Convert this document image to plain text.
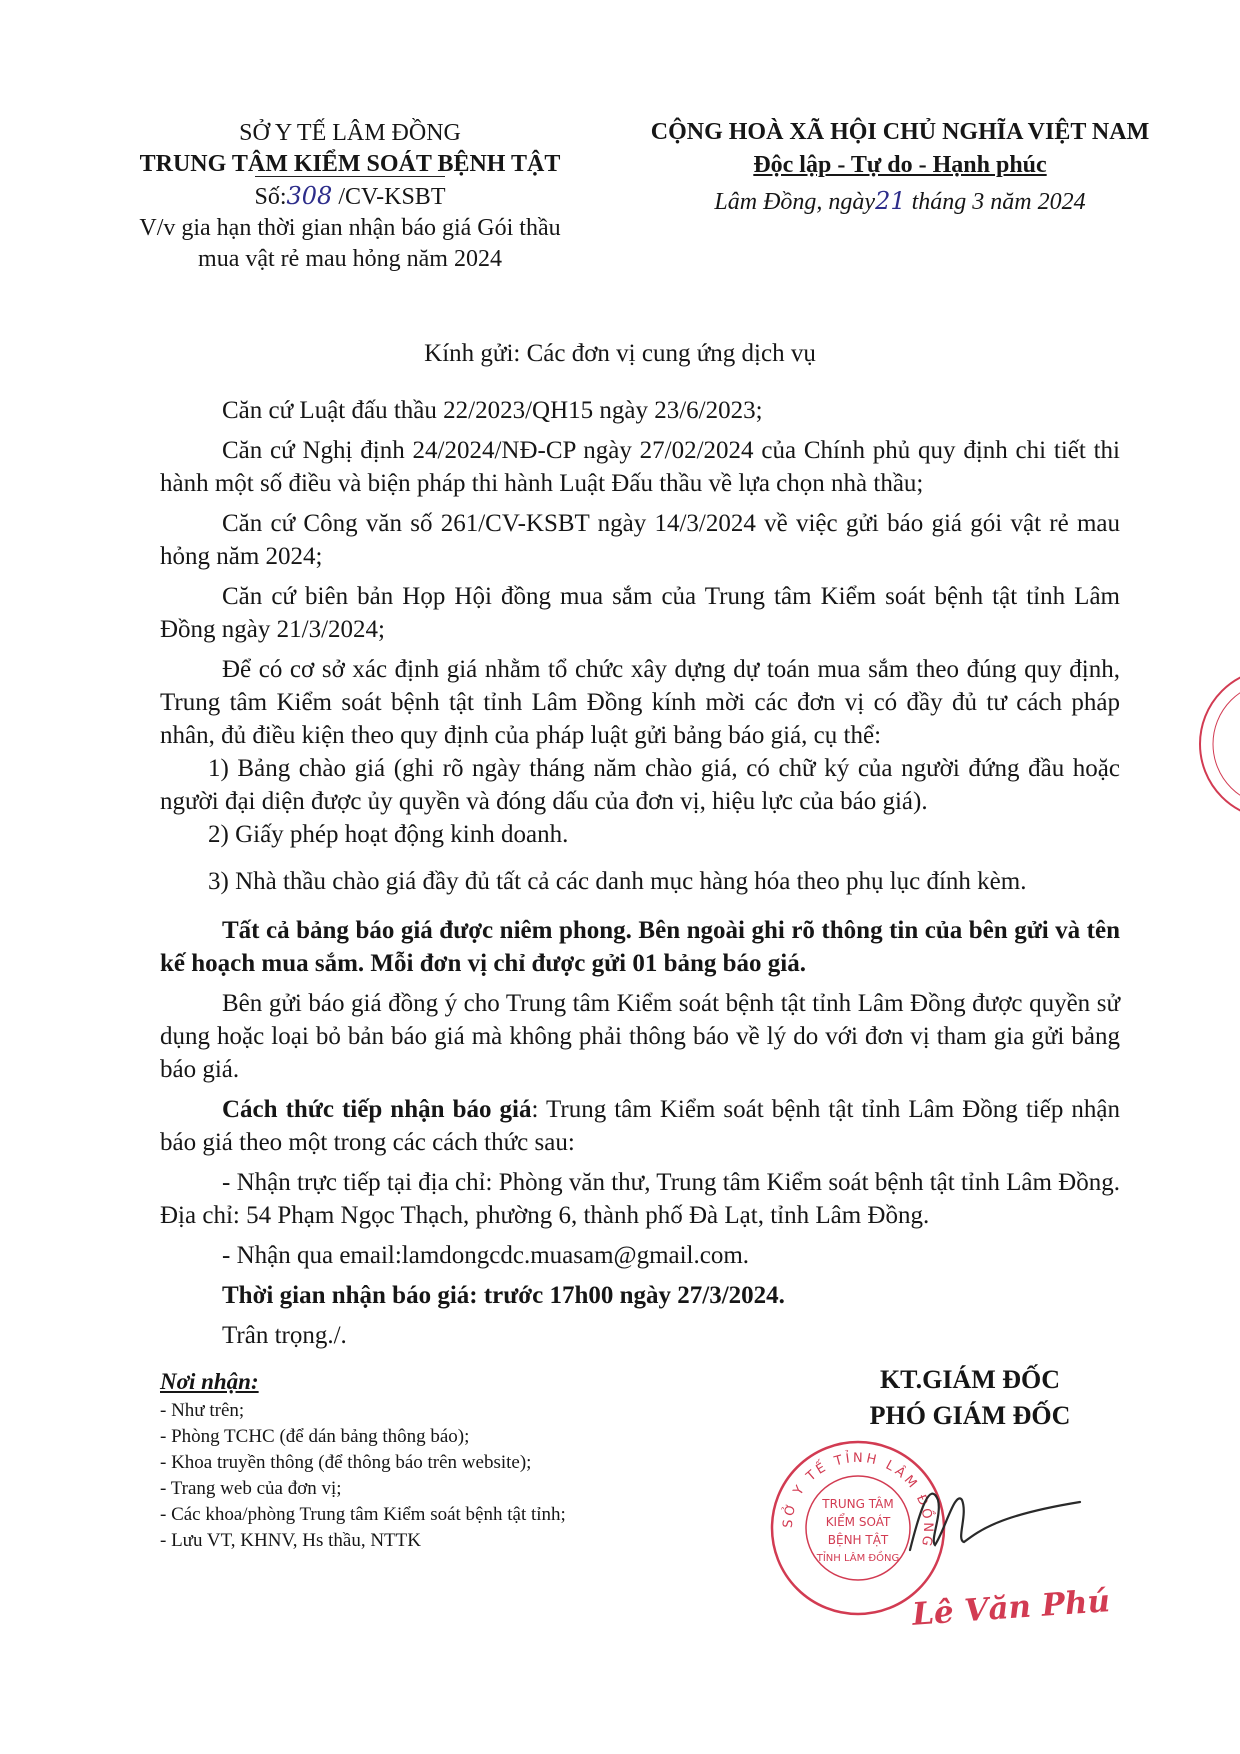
SỞ Y TẾ LÂM ĐỒNG
TRUNG TÂM KIỂM SOÁT BỆNH TẬT
Số:308 /CV-KSBT
V/v gia hạn thời gian nhận báo giá Gói thầu
mua vật rẻ mau hỏng năm 2024
CỘNG HOÀ XÃ HỘI CHỦ NGHĨA VIỆT NAM
Độc lập - Tự do - Hạnh phúc
Lâm Đồng, ngày21 tháng 3 năm 2024
Kính gửi: Các đơn vị cung ứng dịch vụ

Căn cứ Luật đấu thầu 22/2023/QH15 ngày 23/6/2023;

Căn cứ Nghị định 24/2024/NĐ-CP ngày 27/02/2024 của Chính phủ quy định chi tiết thi hành một số điều và biện pháp thi hành Luật Đấu thầu về lựa chọn nhà thầu;

Căn cứ Công văn số 261/CV-KSBT ngày 14/3/2024 về việc gửi báo giá gói vật rẻ mau hỏng năm 2024;

Căn cứ biên bản Họp Hội đồng mua sắm của Trung tâm Kiểm soát bệnh tật tỉnh Lâm Đồng ngày 21/3/2024;

Để có cơ sở xác định giá nhằm tổ chức xây dựng dự toán mua sắm theo đúng quy định, Trung tâm Kiểm soát bệnh tật tỉnh Lâm Đồng kính mời các đơn vị có đầy đủ tư cách pháp nhân, đủ điều kiện theo quy định của pháp luật gửi bảng báo giá, cụ thể:

1) Bảng chào giá (ghi rõ ngày tháng năm chào giá, có chữ ký của người đứng đầu hoặc người đại diện được ủy quyền và đóng dấu của đơn vị, hiệu lực của báo giá).

2) Giấy phép hoạt động kinh doanh.

3) Nhà thầu chào giá đầy đủ tất cả các danh mục hàng hóa theo phụ lục đính kèm.

Tất cả bảng báo giá được niêm phong. Bên ngoài ghi rõ thông tin của bên gửi và tên kế hoạch mua sắm. Mỗi đơn vị chỉ được gửi 01 bảng báo giá.

Bên gửi báo giá đồng ý cho Trung tâm Kiểm soát bệnh tật tỉnh Lâm Đồng được quyền sử dụng hoặc loại bỏ bản báo giá mà không phải thông báo về lý do với đơn vị tham gia gửi bảng báo giá.

Cách thức tiếp nhận báo giá: Trung tâm Kiểm soát bệnh tật tỉnh Lâm Đồng tiếp nhận báo giá theo một trong các cách thức sau:

- Nhận trực tiếp tại địa chỉ: Phòng văn thư, Trung tâm Kiểm soát bệnh tật tỉnh Lâm Đồng. Địa chỉ: 54 Phạm Ngọc Thạch, phường 6, thành phố Đà Lạt, tỉnh Lâm Đồng.

- Nhận qua email:lamdongcdc.muasam@gmail.com.

Thời gian nhận báo giá: trước 17h00 ngày 27/3/2024.

Trân trọng./.

Nơi nhận:
- Như trên;
- Phòng TCHC (để dán bảng thông báo);
- Khoa truyền thông (để thông báo trên website);
- Trang web của đơn vị;
- Các khoa/phòng Trung tâm Kiểm soát bệnh tật tỉnh;
- Lưu VT, KHNV, Hs thầu, NTTK
KT.GIÁM ĐỐC
PHÓ GIÁM ĐỐC
SỞ Y TẾ TỈNH LÂM ĐỒNG
TRUNG TÂM
KIỂM SOÁT
BỆNH TẬT
TỈNH LÂM ĐỒNG
Lê Văn Phú
